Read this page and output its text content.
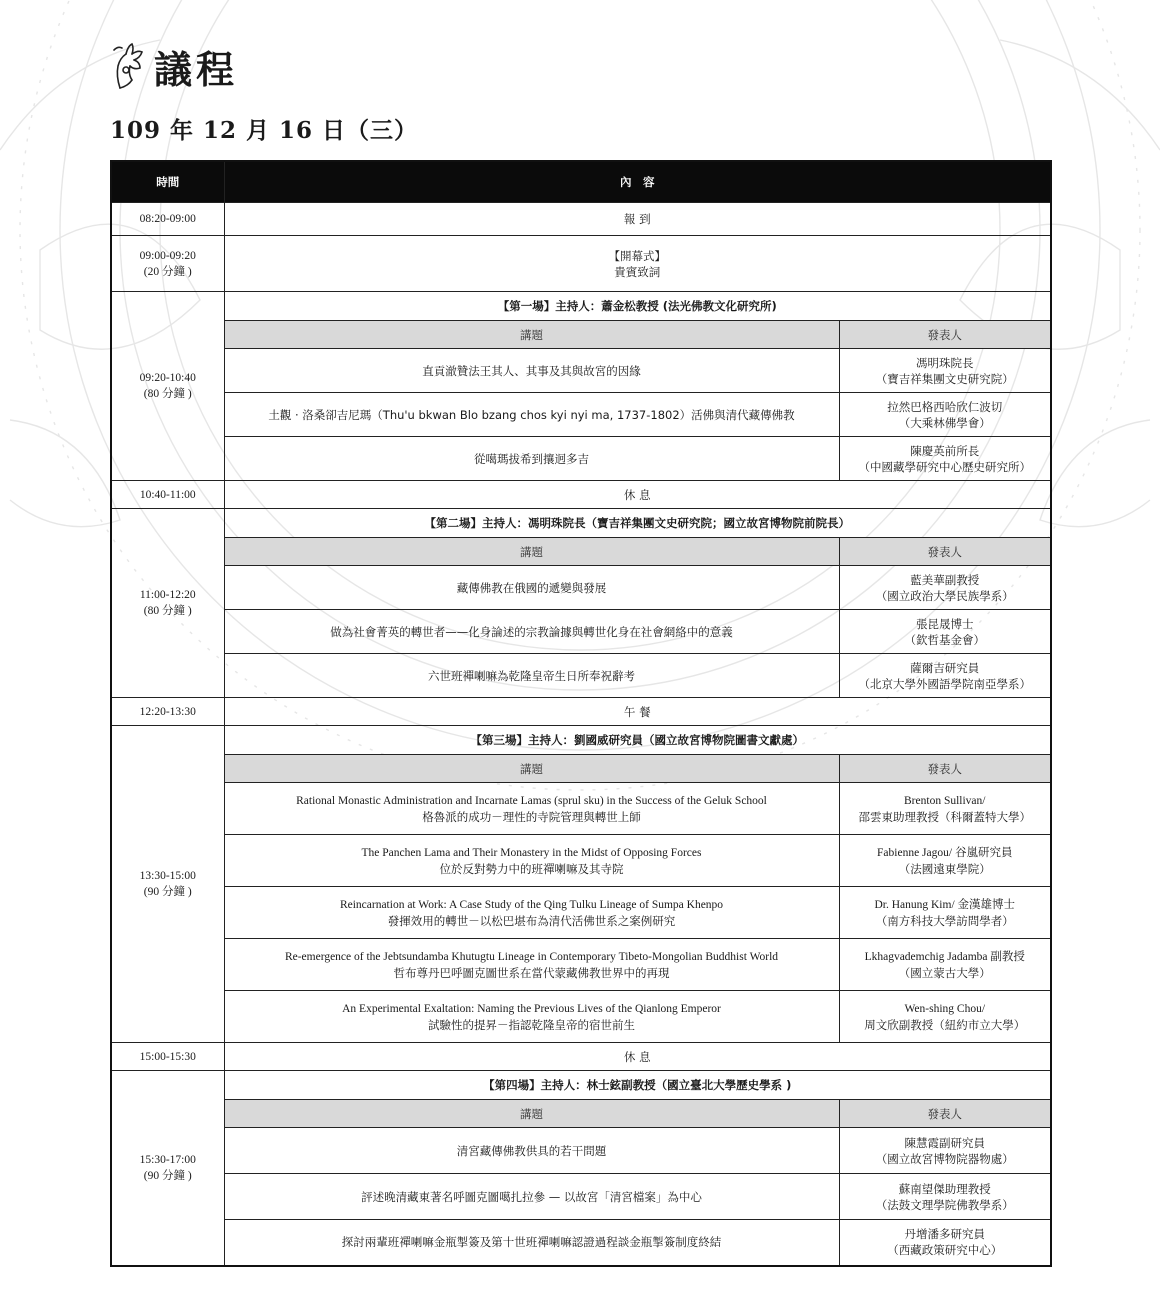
議程
109 年 12 月 16 日（三）
時間	內　容	
08:20-09:00	報 到	

09:00-09:20
(20 分鐘 )	【開幕式】
貴賓致詞	

09:20-10:40
(80 分鐘 )	【第一場】主持人：蕭金松教授 (法光佛教文化研究所)	
	講題	發表人
	直貢澈贊法王其人、其事及其與故宮的因緣	馮明珠院長
（寶吉祥集團文史研究院）

	土觀 ‧ 洛桑卻吉尼瑪（Thu'u bkwan Blo bzang chos kyi nyi ma, 1737-1802）活佛與清代藏傳佛教	拉然巴格西哈欣仁波切
（大乘林佛學會）

	從噶瑪拔希到攘迥多吉	陳慶英前所長
（中國藏學研究中心歷史研究所）

10:40-11:00	休 息	

11:00-12:20
(80 分鐘 )	【第二場】主持人：馮明珠院長（寶吉祥集團文史研究院；國立故宮博物院前院長）	
	講題	發表人
	藏傳佛教在俄國的遞變與發展	藍美華副教授
（國立政治大學民族學系）

	做為社會菁英的轉世者——化身論述的宗教論據與轉世化身在社會網絡中的意義	張昆晟博士
（欽哲基金會）

	六世班禪喇嘛為乾隆皇帝生日所奉祝辭考	薩爾吉研究員
（北京大學外國語學院南亞學系）

12:20-13:30	午 餐	

13:30-15:00
(90 分鐘 )	【第三場】主持人：劉國威研究員（國立故宮博物院圖書文獻處）	
	講題	發表人

	Rational Monastic Administration and Incarnate Lamas (sprul sku) in the Success of the Geluk School
格魯派的成功－理性的寺院管理與轉世上師	Brenton Sullivan/
邵雲東助理教授（科爾蓋特大學）

	The Panchen Lama and Their Monastery in the Midst of Opposing Forces
位於反對勢力中的班禪喇嘛及其寺院	Fabienne Jagou/ 谷嵐研究員
（法國遠東學院）

	Reincarnation at Work: A Case Study of the Qing Tulku Lineage of Sumpa Khenpo
發揮效用的轉世－以松巴堪布為清代活佛世系之案例研究	Dr. Hanung Kim/ 金漢雄博士
（南方科技大學訪問學者）

	Re-emergence of the Jebtsundamba Khutugtu Lineage in Contemporary Tibeto-Mongolian Buddhist World
哲布尊丹巴呼圖克圖世系在當代蒙藏佛教世界中的再現	Lkhagvademchig Jadamba 副教授
（國立蒙古大學）

	An Experimental Exaltation: Naming the Previous Lives of the Qianlong Emperor
試驗性的提昇－指認乾隆皇帝的宿世前生	Wen-shing Chou/
周文欣副教授（紐約市立大學）

15:00-15:30	休 息	

15:30-17:00
(90 分鐘 )	【第四場】主持人：林士鉉副教授（國立臺北大學歷史學系 )	
	講題	發表人
	清宮藏傳佛教供具的若干問題	陳慧霞副研究員
（國立故宮博物院器物處）

	評述晚清藏東著名呼圖克圖噶扎拉參 — 以故宮「清宮檔案」為中心	蘇南望傑助理教授
（法鼓文理學院佛教學系）

	探討兩輩班禪喇嘛金瓶掣簽及第十世班禪喇嘛認證過程談金瓶掣簽制度終結	丹增潘多研究員
（西藏政策研究中心）
